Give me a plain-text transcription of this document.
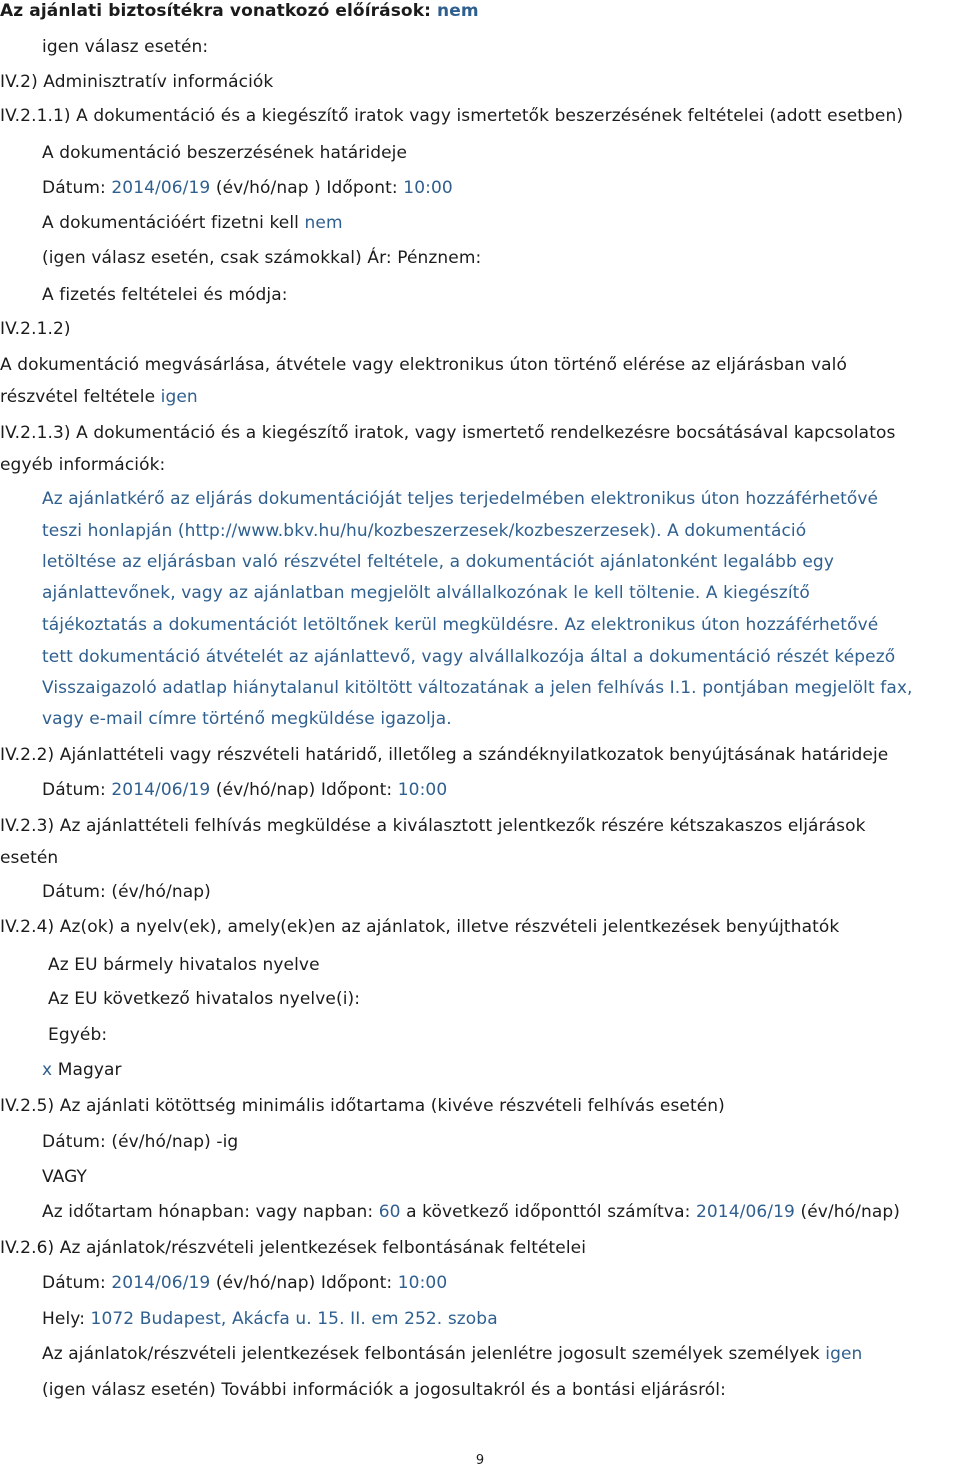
Az ajánlati biztosítékra vonatkozó előírások: nem
igen válasz esetén:
IV.2) Adminisztratív információk
IV.2.1.1) A dokumentáció és a kiegészítő iratok vagy ismertetők beszerzésének feltételei (adott esetben)
A dokumentáció beszerzésének határideje
Dátum: 2014/06/19 (év/hó/nap ) Időpont: 10:00
A dokumentációért fizetni kell nem
(igen válasz esetén, csak számokkal) Ár: Pénznem:
A fizetés feltételei és módja:
IV.2.1.2)
A dokumentáció megvásárlása, átvétele vagy elektronikus úton történő elérése az eljárásban való
részvétel feltétele igen
IV.2.1.3) A dokumentáció és a kiegészítő iratok, vagy ismertető rendelkezésre bocsátásával kapcsolatos
egyéb információk:
Az ajánlatkérő az eljárás dokumentációját teljes terjedelmében elektronikus úton hozzáférhetővé
teszi honlapján (http://www.bkv.hu/hu/kozbeszerzesek/kozbeszerzesek). A dokumentáció
letöltése az eljárásban való részvétel feltétele, a dokumentációt ajánlatonként legalább egy
ajánlattevőnek, vagy az ajánlatban megjelölt alvállalkozónak le kell töltenie. A kiegészítő
tájékoztatás a dokumentációt letöltőnek kerül megküldésre. Az elektronikus úton hozzáférhetővé
tett dokumentáció átvételét az ajánlattevő, vagy alvállalkozója által a dokumentáció részét képező
Visszaigazoló adatlap hiánytalanul kitöltött változatának a jelen felhívás I.1. pontjában megjelölt fax,
vagy e-mail címre történő megküldése igazolja.
IV.2.2) Ajánlattételi vagy részvételi határidő, illetőleg a szándéknyilatkozatok benyújtásának határideje
Dátum: 2014/06/19 (év/hó/nap) Időpont: 10:00
IV.2.3) Az ajánlattételi felhívás megküldése a kiválasztott jelentkezők részére kétszakaszos eljárások
esetén
Dátum: (év/hó/nap)
IV.2.4) Az(ok) a nyelv(ek), amely(ek)en az ajánlatok, illetve részvételi jelentkezések benyújthatók
Az EU bármely hivatalos nyelve
Az EU következő hivatalos nyelve(i):
Egyéb:
x Magyar
IV.2.5) Az ajánlati kötöttség minimális időtartama (kivéve részvételi felhívás esetén)
Dátum: (év/hó/nap) -ig
VAGY
Az időtartam hónapban: vagy napban: 60 a következő időponttól számítva: 2014/06/19 (év/hó/nap)
IV.2.6) Az ajánlatok/részvételi jelentkezések felbontásának feltételei
Dátum: 2014/06/19 (év/hó/nap) Időpont: 10:00
Hely: 1072 Budapest, Akácfa u. 15. II. em 252. szoba
Az ajánlatok/részvételi jelentkezések felbontásán jelenlétre jogosult személyek személyek igen
(igen válasz esetén) További információk a jogosultakról és a bontási eljárásról:
9
